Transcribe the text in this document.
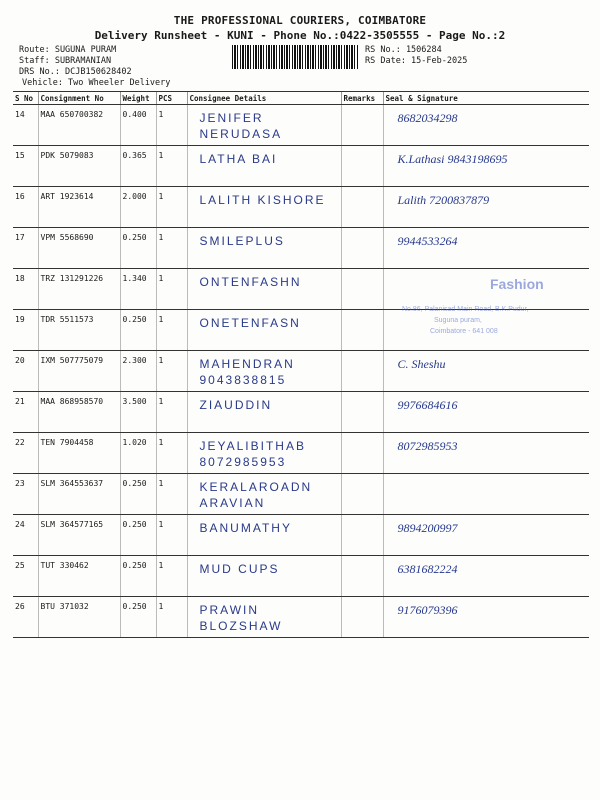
THE PROFESSIONAL COURIERS, COIMBATORE
Delivery Runsheet - KUNI - Phone No.:0422-3505555 - Page No.:2
Route: SUGUNA PURAM
Staff: SUBRAMANIAN
DRS No.: DCJB150628402
Vehicle: Two Wheeler Delivery
RS No.: 1506284
RS Date: 15-Feb-2025
S No	Consignment No	Weight	PCS	Consignee Details	Remarks	Seal & Signature
14	MAA 650700382	0.400	1	JENIFER NERUDASA		8682034298
15	PDK 5079083	0.365	1	LATHA BAI		K.Lathasi 9843198695
16	ART 1923614	2.000	1	LALITH KISHORE		Lalith 7200837879
17	VPM 5568690	0.250	1	SMILEPLUS		9944533264
18	TRZ 131291226	1.340	1	ONTENFASHN		
19	TDR 5511573	0.250	1	ONETENFASN		
20	IXM 507775079	2.300	1	MAHENDRAN 9043838815		C. Sheshu
21	MAA 868958570	3.500	1	ZIAUDDIN		9976684616
22	TEN 7904458	1.020	1	JEYALIBITHAB 8072985953		8072985953
23	SLM 364553637	0.250	1	KERALAROADN ARAVIAN		
24	SLM 364577165	0.250	1	BANUMATHY		9894200997
25	TUT 330462	0.250	1	MUD CUPS		6381682224
26	BTU 371032	0.250	1	PRAWIN BLOZSHAW		9176079396
Fashion
No.86, Palanisad Main Road, B.K.Pudur,
Suguna puram,
Coimbatore - 641 008
